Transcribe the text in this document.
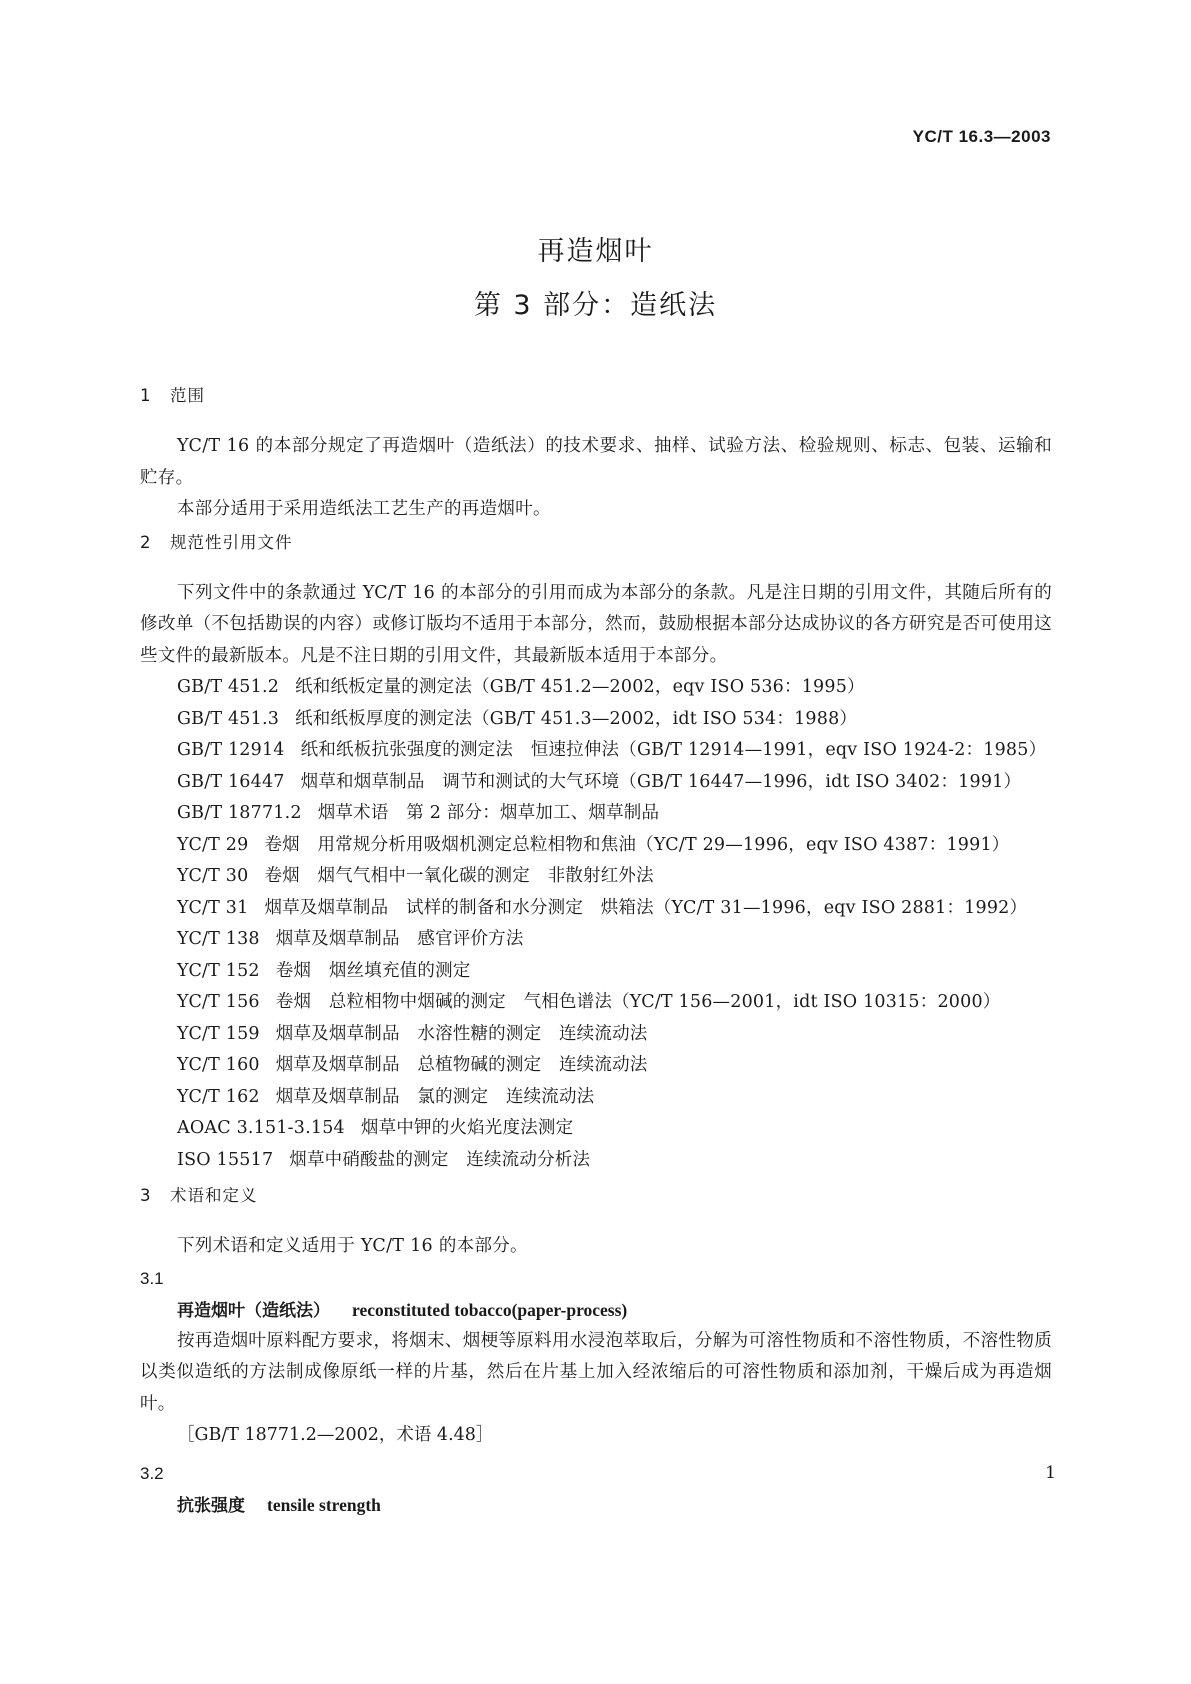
YC/T 16.3—2003
再造烟叶
第 3 部分：造纸法
1 范围

YC/T 16 的本部分规定了再造烟叶（造纸法）的技术要求、抽样、试验方法、检验规则、标志、包装、运输和贮存。

本部分适用于采用造纸法工艺生产的再造烟叶。

2 规范性引用文件

下列文件中的条款通过 YC/T 16 的本部分的引用而成为本部分的条款。凡是注日期的引用文件，其随后所有的修改单（不包括勘误的内容）或修订版均不适用于本部分，然而，鼓励根据本部分达成协议的各方研究是否可使用这些文件的最新版本。凡是不注日期的引用文件，其最新版本适用于本部分。

GB/T 451.2 纸和纸板定量的测定法（GB/T 451.2—2002，eqv ISO 536：1995）
GB/T 451.3 纸和纸板厚度的测定法（GB/T 451.3—2002，idt ISO 534：1988）
GB/T 12914 纸和纸板抗张强度的测定法　恒速拉伸法（GB/T 12914—1991，eqv ISO 1924-2：1985）
GB/T 16447 烟草和烟草制品　调节和测试的大气环境（GB/T 16447—1996，idt ISO 3402：1991）
GB/T 18771.2 烟草术语　第 2 部分：烟草加工、烟草制品
YC/T 29 卷烟　用常规分析用吸烟机测定总粒相物和焦油（YC/T 29—1996，eqv ISO 4387：1991）
YC/T 30 卷烟　烟气气相中一氧化碳的测定　非散射红外法
YC/T 31 烟草及烟草制品　试样的制备和水分测定　烘箱法（YC/T 31—1996，eqv ISO 2881：1992）
YC/T 138 烟草及烟草制品　感官评价方法
YC/T 152 卷烟　烟丝填充值的测定
YC/T 156 卷烟　总粒相物中烟碱的测定　气相色谱法（YC/T 156—2001，idt ISO 10315：2000）
YC/T 159 烟草及烟草制品　水溶性糖的测定　连续流动法
YC/T 160 烟草及烟草制品　总植物碱的测定　连续流动法
YC/T 162 烟草及烟草制品　氯的测定　连续流动法
AOAC 3.151-3.154 烟草中钾的火焰光度法测定
ISO 15517 烟草中硝酸盐的测定　连续流动分析法
3 术语和定义

下列术语和定义适用于 YC/T 16 的本部分。

3.1
再造烟叶（造纸法） reconstituted tobacco(paper-process)

按再造烟叶原料配方要求，将烟末、烟梗等原料用水浸泡萃取后，分解为可溶性物质和不溶性物质，不溶性物质以类似造纸的方法制成像原纸一样的片基，然后在片基上加入经浓缩后的可溶性物质和添加剂，干燥后成为再造烟叶。

［GB/T 18771.2—2002，术语 4.48］
3.2
抗张强度 tensile strength
1
